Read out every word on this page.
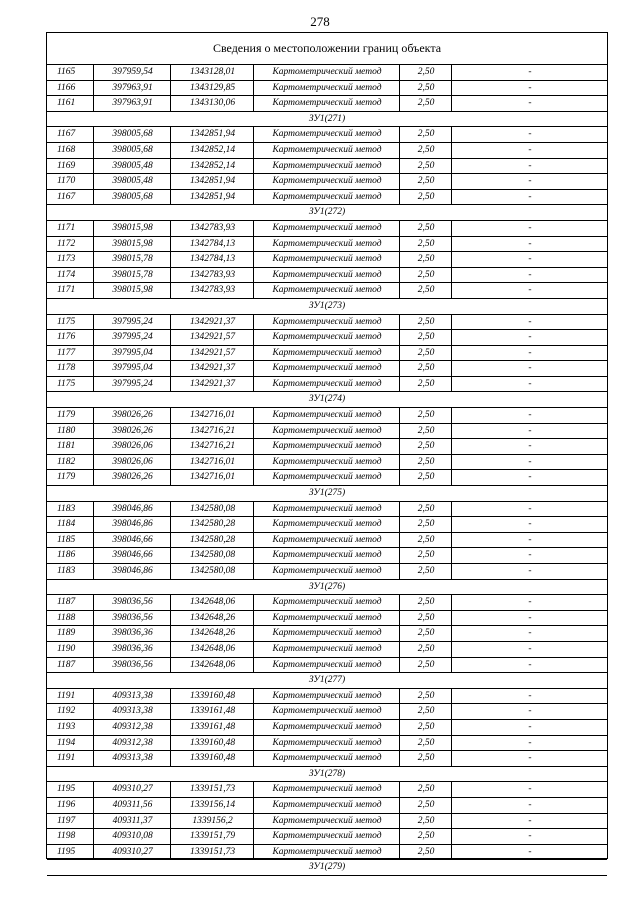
278
Сведения о местоположении границ объекта
1165	397959,54	1343128,01	Картометрический метод	2,50	-
1166	397963,91	1343129,85	Картометрический метод	2,50	-
1161	397963,91	1343130,06	Картометрический метод	2,50	-
ЗУ1(271)
1167	398005,68	1342851,94	Картометрический метод	2,50	-
1168	398005,68	1342852,14	Картометрический метод	2,50	-
1169	398005,48	1342852,14	Картометрический метод	2,50	-
1170	398005,48	1342851,94	Картометрический метод	2,50	-
1167	398005,68	1342851,94	Картометрический метод	2,50	-
ЗУ1(272)
1171	398015,98	1342783,93	Картометрический метод	2,50	-
1172	398015,98	1342784,13	Картометрический метод	2,50	-
1173	398015,78	1342784,13	Картометрический метод	2,50	-
1174	398015,78	1342783,93	Картометрический метод	2,50	-
1171	398015,98	1342783,93	Картометрический метод	2,50	-
ЗУ1(273)
1175	397995,24	1342921,37	Картометрический метод	2,50	-
1176	397995,24	1342921,57	Картометрический метод	2,50	-
1177	397995,04	1342921,57	Картометрический метод	2,50	-
1178	397995,04	1342921,37	Картометрический метод	2,50	-
1175	397995,24	1342921,37	Картометрический метод	2,50	-
ЗУ1(274)
1179	398026,26	1342716,01	Картометрический метод	2,50	-
1180	398026,26	1342716,21	Картометрический метод	2,50	-
1181	398026,06	1342716,21	Картометрический метод	2,50	-
1182	398026,06	1342716,01	Картометрический метод	2,50	-
1179	398026,26	1342716,01	Картометрический метод	2,50	-
ЗУ1(275)
1183	398046,86	1342580,08	Картометрический метод	2,50	-
1184	398046,86	1342580,28	Картометрический метод	2,50	-
1185	398046,66	1342580,28	Картометрический метод	2,50	-
1186	398046,66	1342580,08	Картометрический метод	2,50	-
1183	398046,86	1342580,08	Картометрический метод	2,50	-
ЗУ1(276)
1187	398036,56	1342648,06	Картометрический метод	2,50	-
1188	398036,56	1342648,26	Картометрический метод	2,50	-
1189	398036,36	1342648,26	Картометрический метод	2,50	-
1190	398036,36	1342648,06	Картометрический метод	2,50	-
1187	398036,56	1342648,06	Картометрический метод	2,50	-
ЗУ1(277)
1191	409313,38	1339160,48	Картометрический метод	2,50	-
1192	409313,38	1339161,48	Картометрический метод	2,50	-
1193	409312,38	1339161,48	Картометрический метод	2,50	-
1194	409312,38	1339160,48	Картометрический метод	2,50	-
1191	409313,38	1339160,48	Картометрический метод	2,50	-
ЗУ1(278)
1195	409310,27	1339151,73	Картометрический метод	2,50	-
1196	409311,56	1339156,14	Картометрический метод	2,50	-
1197	409311,37	1339156,2	Картометрический метод	2,50	-
1198	409310,08	1339151,79	Картометрический метод	2,50	-
1195	409310,27	1339151,73	Картометрический метод	2,50	-
ЗУ1(279)
